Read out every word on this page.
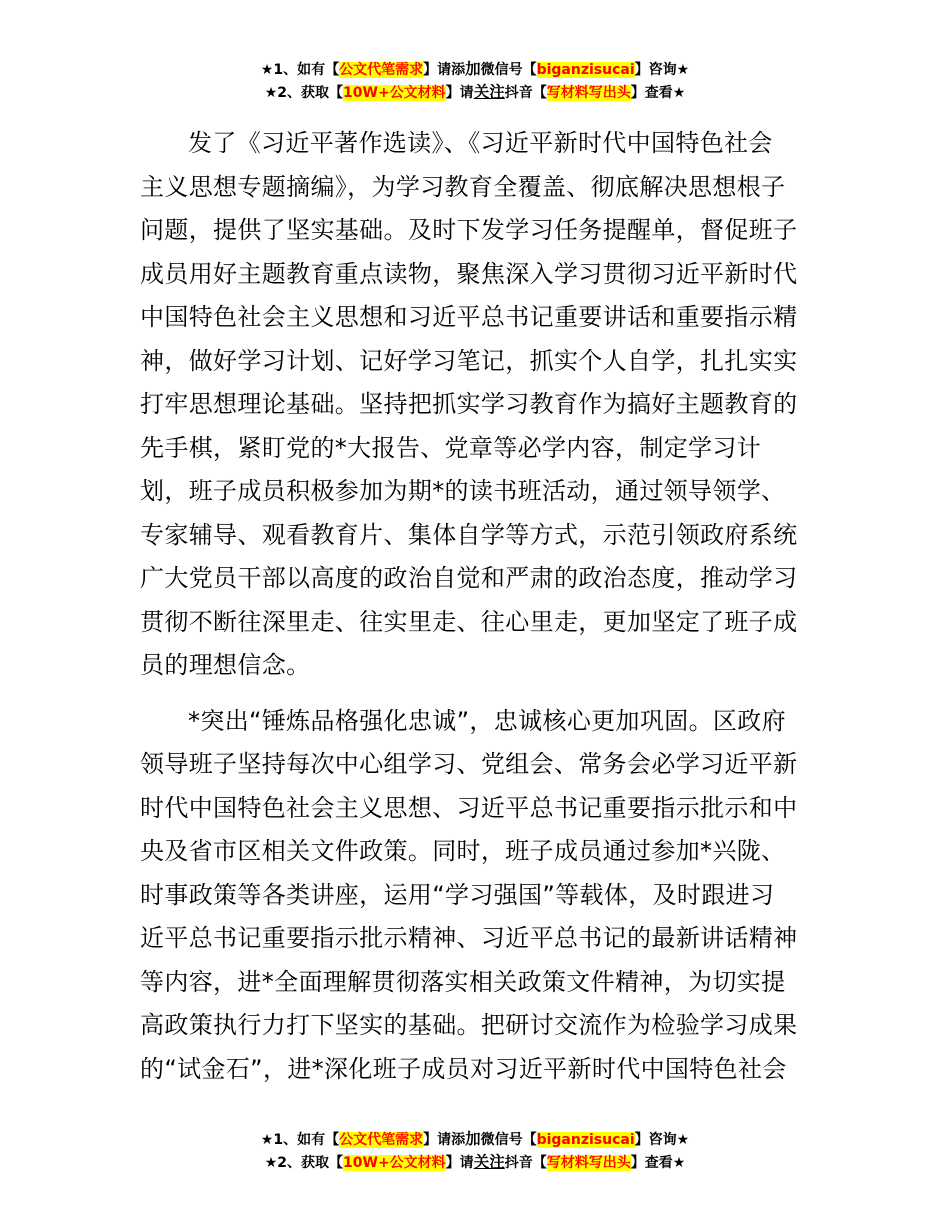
★1、如有【公文代笔需求】请添加微信号【biganzisucai】咨询★
★2、获取【10W+公文材料】请关注抖音【写材料写出头】查看★

发了《习近平著作选读》、《习近平新时代中国特色社会
主义思想专题摘编》，为学习教育全覆盖、彻底解决思想根子
问题，提供了坚实基础。及时下发学习任务提醒单，督促班子
成员用好主题教育重点读物，聚焦深入学习贯彻习近平新时代
中国特色社会主义思想和习近平总书记重要讲话和重要指示精
神，做好学习计划、记好学习笔记，抓实个人自学，扎扎实实
打牢思想理论基础。坚持把抓实学习教育作为搞好主题教育的
先手棋，紧盯党的*大报告、党章等必学内容，制定学习计
划，班子成员积极参加为期*的读书班活动，通过领导领学、
专家辅导、观看教育片、集体自学等方式，示范引领政府系统
广大党员干部以高度的政治自觉和严肃的政治态度，推动学习
贯彻不断往深里走、往实里走、往心里走，更加坚定了班子成
员的理想信念。

*突出“锤炼品格强化忠诚”，忠诚核心更加巩固。区政府
领导班子坚持每次中心组学习、党组会、常务会必学习近平新
时代中国特色社会主义思想、习近平总书记重要指示批示和中
央及省市区相关文件政策。同时，班子成员通过参加*兴陇、
时事政策等各类讲座，运用“学习强国”等载体，及时跟进习
近平总书记重要指示批示精神、习近平总书记的最新讲话精神
等内容，进*全面理解贯彻落实相关政策文件精神，为切实提
高政策执行力打下坚实的基础。把研讨交流作为检验学习成果
的“试金石”，进*深化班子成员对习近平新时代中国特色社会

★1、如有【公文代笔需求】请添加微信号【biganzisucai】咨询★
★2、获取【10W+公文材料】请关注抖音【写材料写出头】查看★
